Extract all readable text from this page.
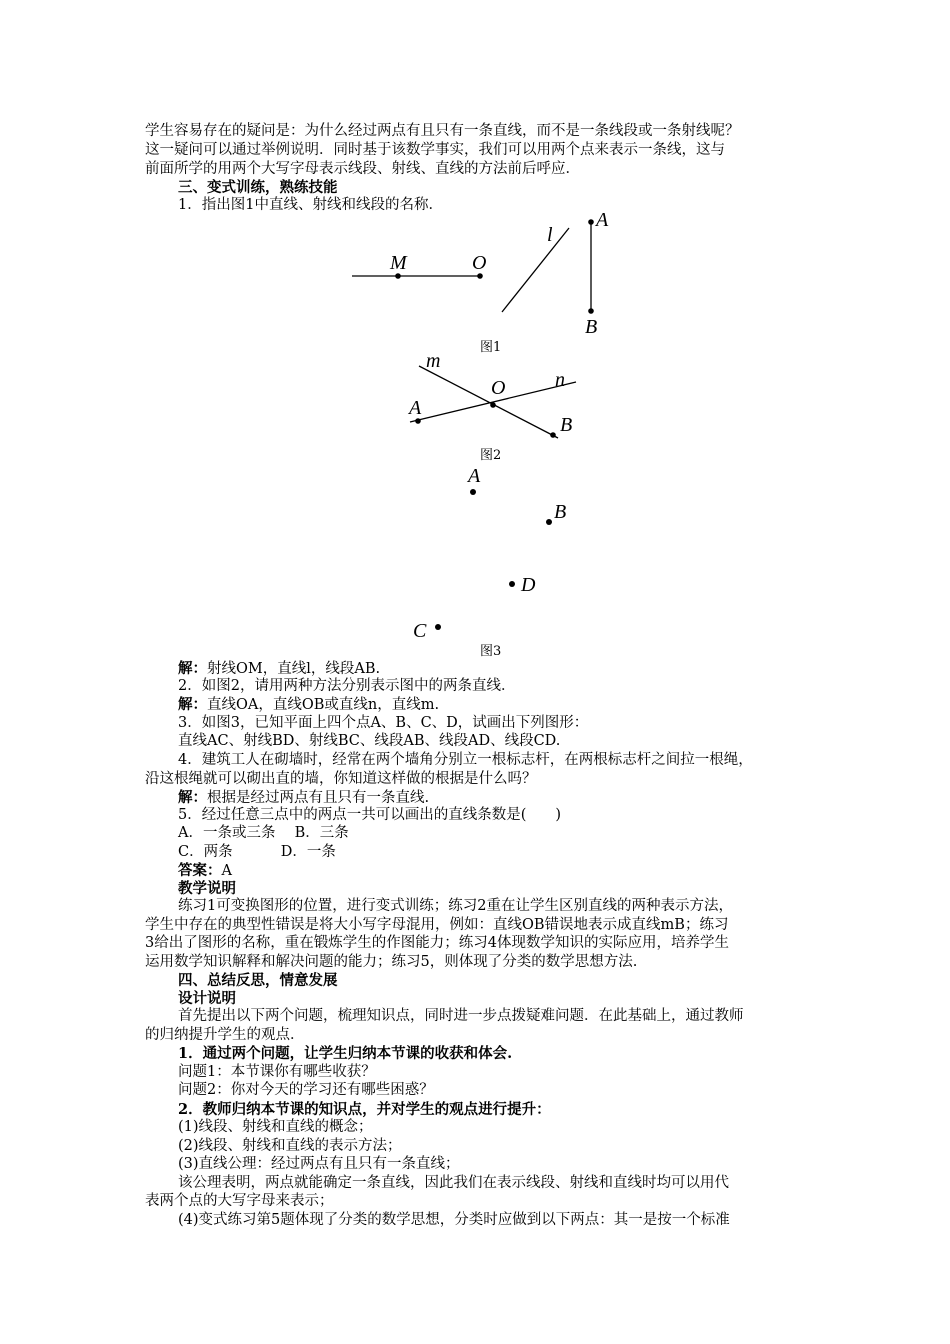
学生容易存在的疑问是：为什么经过两点有且只有一条直线，而不是一条线段或一条射线呢？
这一疑问可以通过举例说明．同时基于该数学事实，我们可以用两个点来表示一条线，这与
前面所学的用两个大写字母表示线段、射线、直线的方法前后呼应．
三、变式训练，熟练技能
1．指出图1中直线、射线和线段的名称．
M	O
l
A
B
图1
m
n
O
A
B
图2
A
B
D
C
图3
解：射线OM，直线l，线段AB.
2．如图2，请用两种方法分别表示图中的两条直线．
解：直线OA，直线OB或直线n，直线m.
3．如图3，已知平面上四个点A、B、C、D，试画出下列图形：
直线AC、射线BD、射线BC、线段AB、线段AD、线段CD.
4．建筑工人在砌墙时，经常在两个墙角分别立一根标志杆，在两根标志杆之间拉一根绳，
沿这根绳就可以砌出直的墙，你知道这样做的根据是什么吗？
解：根据是经过两点有且只有一条直线.
5．经过任意三点中的两点一共可以画出的直线条数是(　　)
A．一条或三条　 B．三条
C．两条　　　 D．一条
答案：A
教学说明
练习1可变换图形的位置，进行变式训练；练习2重在让学生区别直线的两种表示方法，
学生中存在的典型性错误是将大小写字母混用，例如：直线OB错误地表示成直线mB；练习
3给出了图形的名称，重在锻炼学生的作图能力；练习4体现数学知识的实际应用，培养学生
运用数学知识解释和解决问题的能力；练习5，则体现了分类的数学思想方法.
四、总结反思，情意发展
设计说明
首先提出以下两个问题，梳理知识点，同时进一步点拨疑难问题．在此基础上，通过教师
的归纳提升学生的观点．
1．通过两个问题，让学生归纳本节课的收获和体会.
问题1：本节课你有哪些收获？
问题2：你对今天的学习还有哪些困惑？
2．教师归纳本节课的知识点，并对学生的观点进行提升：
(1)线段、射线和直线的概念；
(2)线段、射线和直线的表示方法；
(3)直线公理：经过两点有且只有一条直线；
该公理表明，两点就能确定一条直线，因此我们在表示线段、射线和直线时均可以用代
表两个点的大写字母来表示；
(4)变式练习第5题体现了分类的数学思想，分类时应做到以下两点：其一是按一个标准
